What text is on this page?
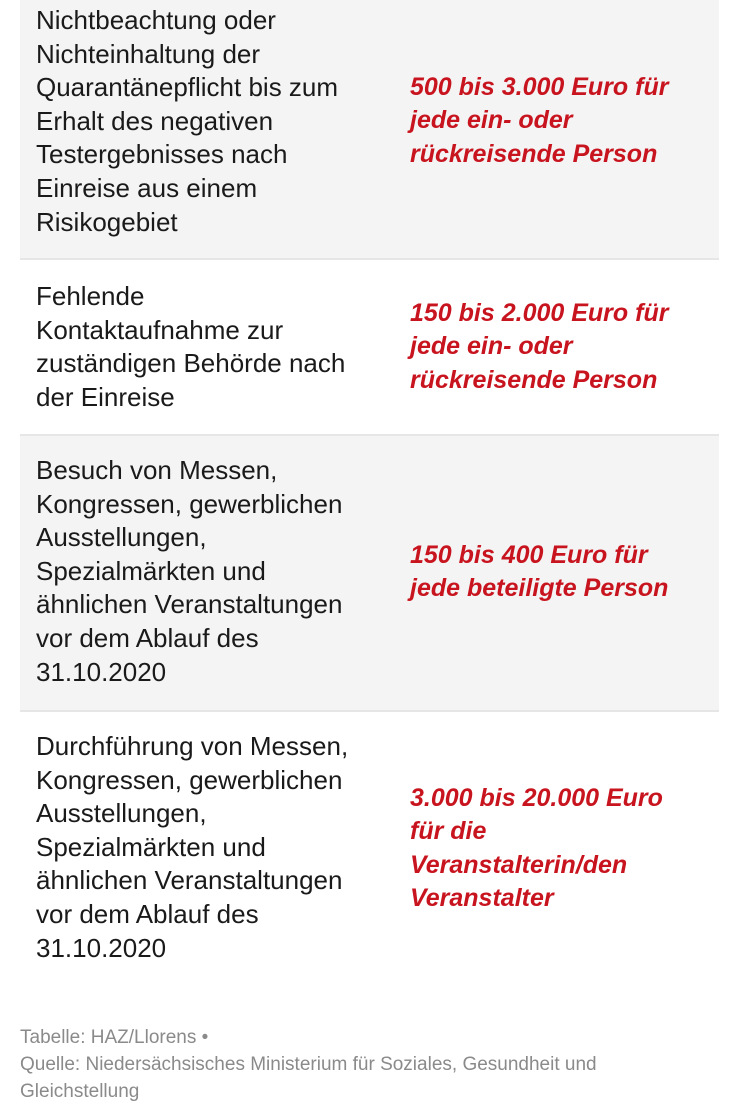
Nichtbeachtung oder
Nichteinhaltung der
Quarantänepflicht bis zum
Erhalt des negativen
Testergebnisses nach
Einreise aus einem
Risikogebiet

500 bis 3.000 Euro für
jede ein- oder
rückreisende Person

Fehlende
Kontaktaufnahme zur
zuständigen Behörde nach
der Einreise

150 bis 2.000 Euro für
jede ein- oder
rückreisende Person

Besuch von Messen,
Kongressen, gewerblichen
Ausstellungen,
Spezialmärkten und
ähnlichen Veranstaltungen
vor dem Ablauf des
31.10.2020

150 bis 400 Euro für
jede beteiligte Person

Durchführung von Messen,
Kongressen, gewerblichen
Ausstellungen,
Spezialmärkten und
ähnlichen Veranstaltungen
vor dem Ablauf des
31.10.2020

3.000 bis 20.000 Euro
für die
Veranstalterin/den
Veranstalter

Tabelle: HAZ/Llorens •
Quelle: Niedersächsisches Ministerium für Soziales, Gesundheit und Gleichstellung
